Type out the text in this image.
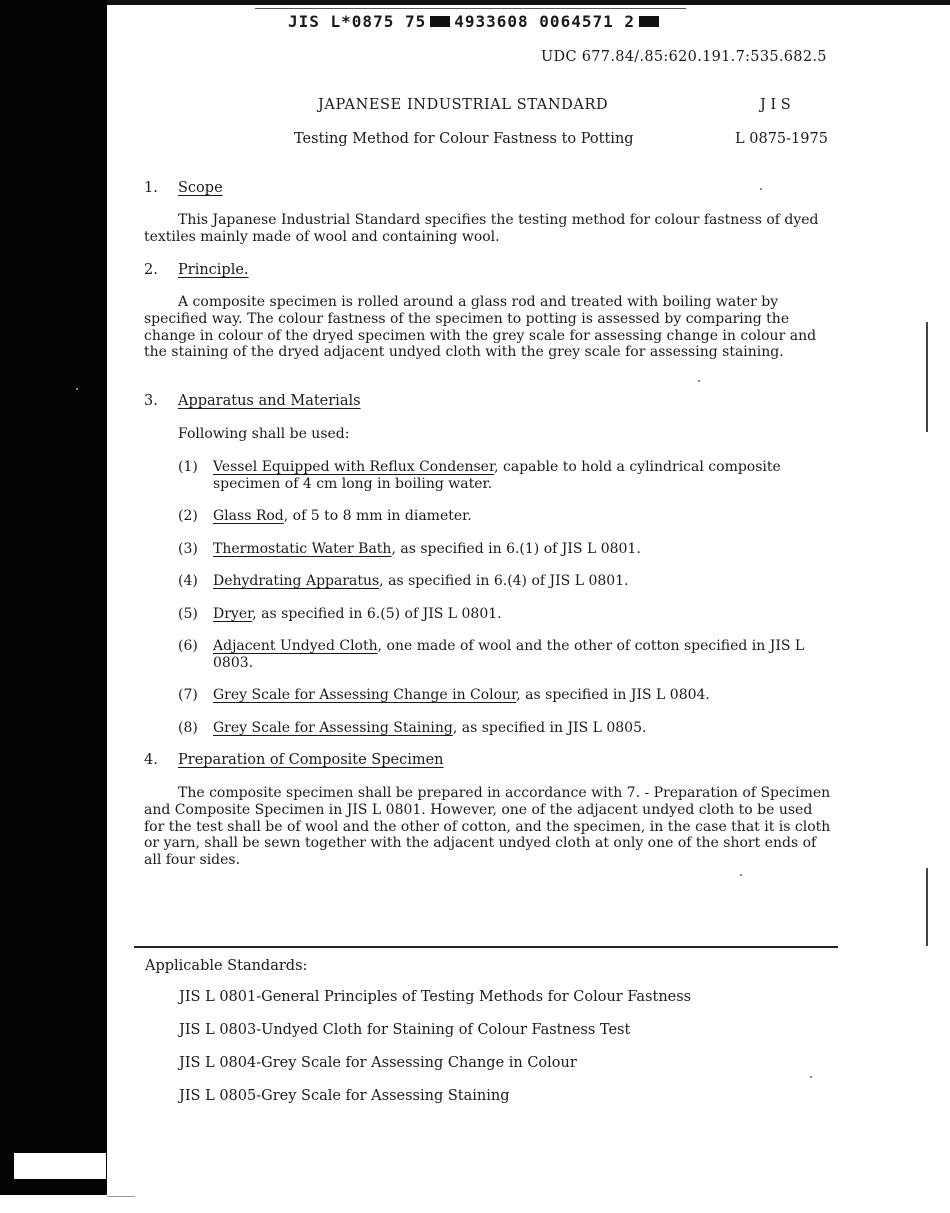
JIS L*0875 75 4933608 0064571 2
UDC 677.84/.85:620.191.7:535.682.5
JAPANESE INDUSTRIAL STANDARD	J I S
Testing Method for Colour Fastness to Potting	L 0875-1975
1. Scope
This Japanese Industrial Standard specifies the testing method for colour fastness of dyed textiles mainly made of wool and containing wool.
2. Principle.
A composite specimen is rolled around a glass rod and treated with boiling water by specified way. The colour fastness of the specimen to potting is assessed by comparing the change in colour of the dryed specimen with the grey scale for assessing change in colour and the staining of the dryed adjacent undyed cloth with the grey scale for assessing staining.
3. Apparatus and Materials
Following shall be used:
(1) Vessel Equipped with Reflux Condenser, capable to hold a cylindrical composite specimen of 4 cm long in boiling water.
(2) Glass Rod, of 5 to 8 mm in diameter.
(3) Thermostatic Water Bath, as specified in 6.(1) of JIS L 0801.
(4) Dehydrating Apparatus, as specified in 6.(4) of JIS L 0801.
(5) Dryer, as specified in 6.(5) of JIS L 0801.
(6) Adjacent Undyed Cloth, one made of wool and the other of cotton specified in JIS L 0803.
(7) Grey Scale for Assessing Change in Colour, as specified in JIS L 0804.
(8) Grey Scale for Assessing Staining, as specified in JIS L 0805.
4. Preparation of Composite Specimen
The composite specimen shall be prepared in accordance with 7. - Preparation of Specimen and Composite Specimen in JIS L 0801. However, one of the adjacent undyed cloth to be used for the test shall be of wool and the other of cotton, and the specimen, in the case that it is cloth or yarn, shall be sewn together with the adjacent undyed cloth at only one of the short ends of all four sides.
Applicable Standards:
JIS L 0801-General Principles of Testing Methods for Colour Fastness
JIS L 0803-Undyed Cloth for Staining of Colour Fastness Test
JIS L 0804-Grey Scale for Assessing Change in Colour
JIS L 0805-Grey Scale for Assessing Staining
